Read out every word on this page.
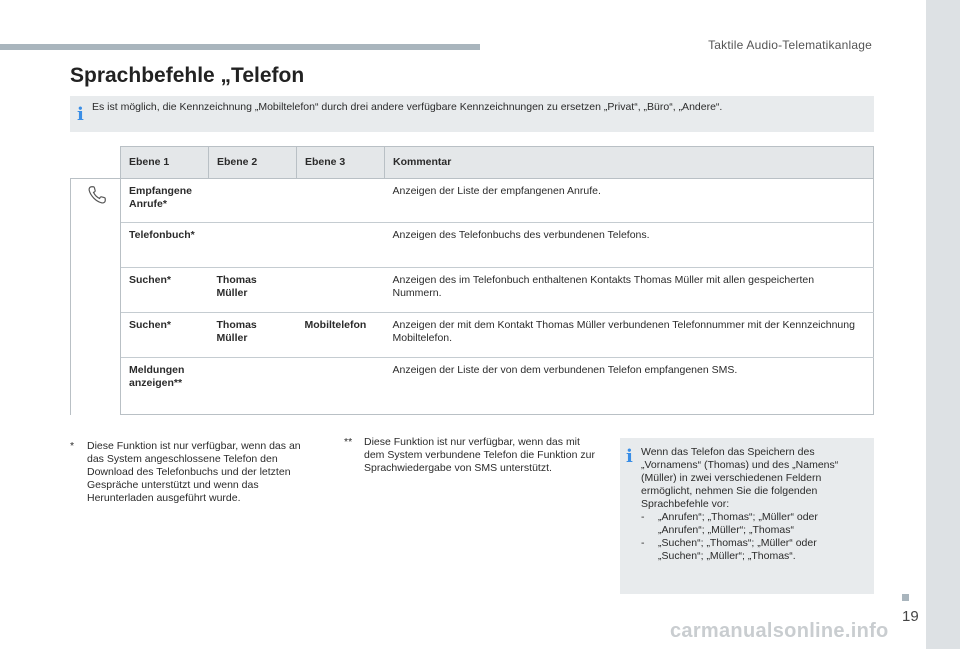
Taktile Audio-Telematikanlage
Sprachbefehle „Telefon
i Es ist möglich, die Kennzeichnung „Mobiltelefon“ durch drei andere verfügbare Kennzeichnungen zu ersetzen „Privat“, „Büro“, „Andere“.
	Ebene 1	Ebene 2	Ebene 3	Kommentar
	Empfangene Anrufe*			Anzeigen der Liste der empfangenen Anrufe.
	Telefonbuch*			Anzeigen des Telefonbuchs des verbundenen Telefons.
	Suchen*	Thomas Müller		Anzeigen des im Telefonbuch enthaltenen Kontakts Thomas Müller mit allen gespeicherten Nummern.
	Suchen*	Thomas Müller	Mobiltelefon	Anzeigen der mit dem Kontakt Thomas Müller verbundenen Telefonnummer mit der Kennzeichnung Mobiltelefon.
	Meldungen anzeigen**			Anzeigen der Liste der von dem verbundenen Telefon empfangenen SMS.
* Diese Funktion ist nur verfügbar, wenn das an das System angeschlossene Telefon den Download des Telefonbuchs und der letzten Gespräche unterstützt und wenn das Herunterladen ausgeführt wurde.
** Diese Funktion ist nur verfügbar, wenn das mit dem System verbundene Telefon die Funktion zur Sprachwiedergabe von SMS unterstützt.
i Wenn das Telefon das Speichern des „Vornamens“ (Thomas) und des „Namens“ (Müller) in zwei verschiedenen Feldern ermöglicht, nehmen Sie die folgenden Sprachbefehle vor:
- „Anrufen“; „Thomas“; „Müller“ oder „Anrufen“; „Müller“; „Thomas“
- „Suchen“; „Thomas“; „Müller“ oder „Suchen“; „Müller“; „Thomas“.
19
carmanualsonline.info
